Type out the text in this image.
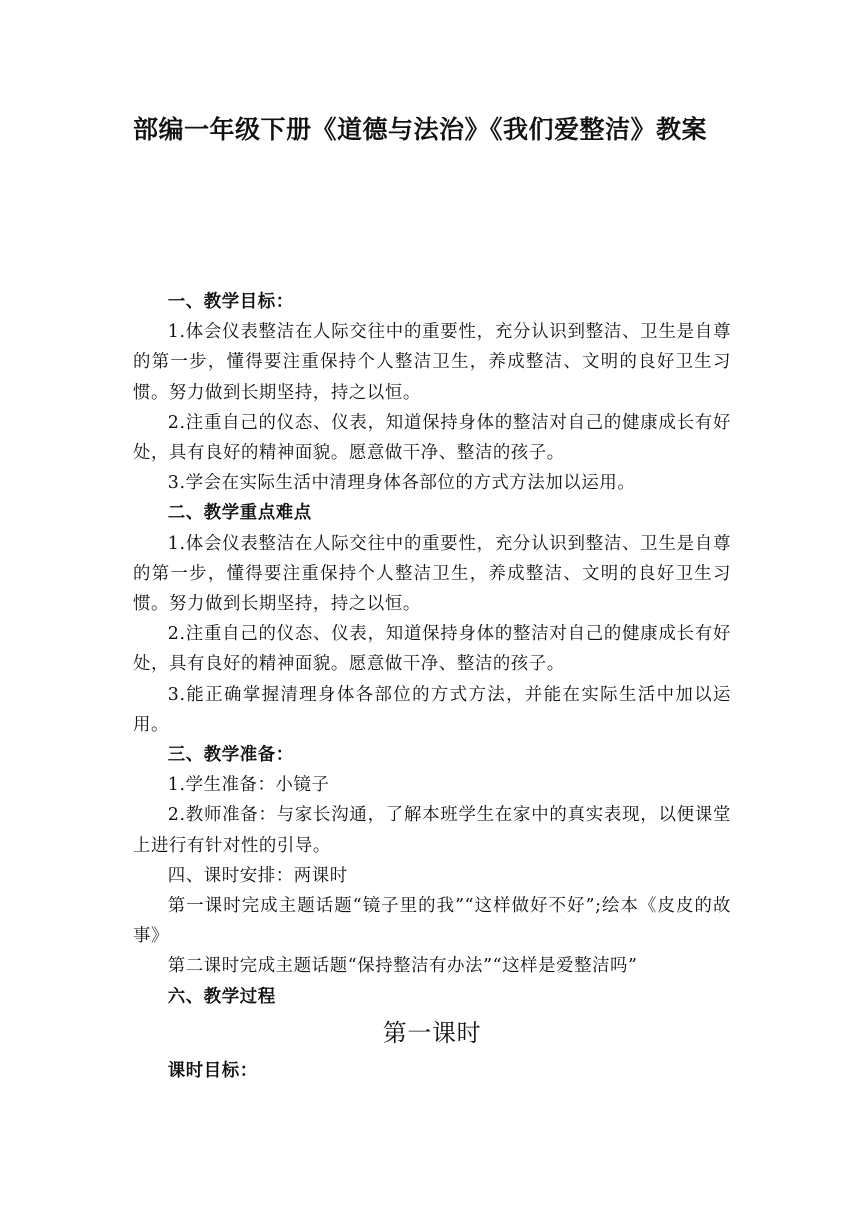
部编一年级下册《道德与法治》《我们爱整洁》教案

一、教学目标：

1.体会仪表整洁在人际交往中的重要性，充分认识到整洁、卫生是自尊的第一步，懂得要注重保持个人整洁卫生，养成整洁、文明的良好卫生习惯。努力做到长期坚持，持之以恒。

2.注重自己的仪态、仪表，知道保持身体的整洁对自己的健康成长有好处，具有良好的精神面貌。愿意做干净、整洁的孩子。

3.学会在实际生活中清理身体各部位的方式方法加以运用。

二、教学重点难点

1.体会仪表整洁在人际交往中的重要性，充分认识到整洁、卫生是自尊的第一步，懂得要注重保持个人整洁卫生，养成整洁、文明的良好卫生习惯。努力做到长期坚持，持之以恒。

2.注重自己的仪态、仪表，知道保持身体的整洁对自己的健康成长有好处，具有良好的精神面貌。愿意做干净、整洁的孩子。

3.能正确掌握清理身体各部位的方式方法，并能在实际生活中加以运用。

三、教学准备：

1.学生准备：小镜子

2.教师准备：与家长沟通，了解本班学生在家中的真实表现，以便课堂上进行有针对性的引导。

四、课时安排：两课时

第一课时完成主题话题“镜子里的我”“这样做好不好”;绘本《皮皮的故事》

第二课时完成主题话题“保持整洁有办法”“这样是爱整洁吗”

六、教学过程

第一课时

课时目标：
